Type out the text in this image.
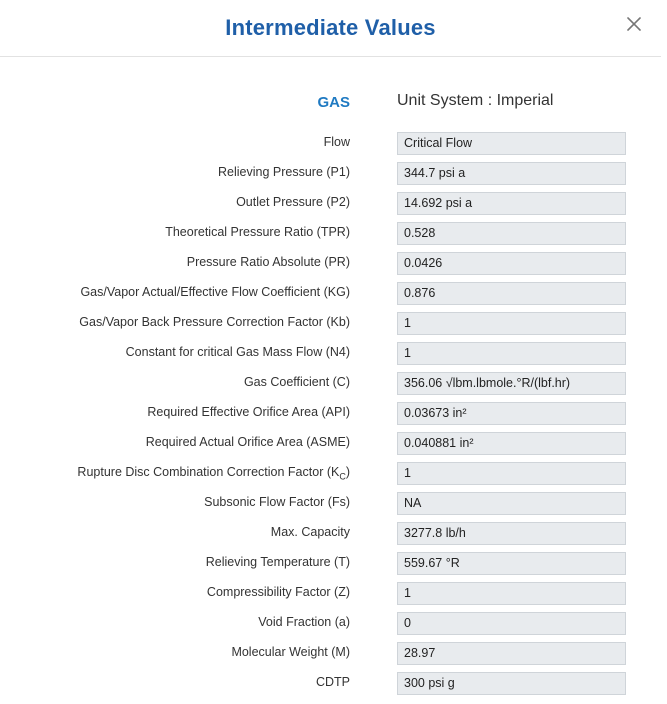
Intermediate Values
GAS	Unit System : Imperial
Flow	Critical Flow
Relieving Pressure (P1)	344.7 psi a
Outlet Pressure (P2)	14.692 psi a
Theoretical Pressure Ratio (TPR)	0.528
Pressure Ratio Absolute (PR)	0.0426
Gas/Vapor Actual/Effective Flow Coefficient (KG)	0.876
Gas/Vapor Back Pressure Correction Factor (Kb)	1
Constant for critical Gas Mass Flow (N4)	1
Gas Coefficient (C)	356.06 √lbm.lbmole.°R/(lbf.hr)
Required Effective Orifice Area (API)	0.03673 in²
Required Actual Orifice Area (ASME)	0.040881 in²
Rupture Disc Combination Correction Factor $(K_C)$	1
Subsonic Flow Factor (Fs)	NA
Max. Capacity	3277.8 lb/h
Relieving Temperature (T)	559.67 °R
Compressibility Factor (Z)	1
Void Fraction (a)	0
Molecular Weight (M)	28.97
CDTP	300 psi g
